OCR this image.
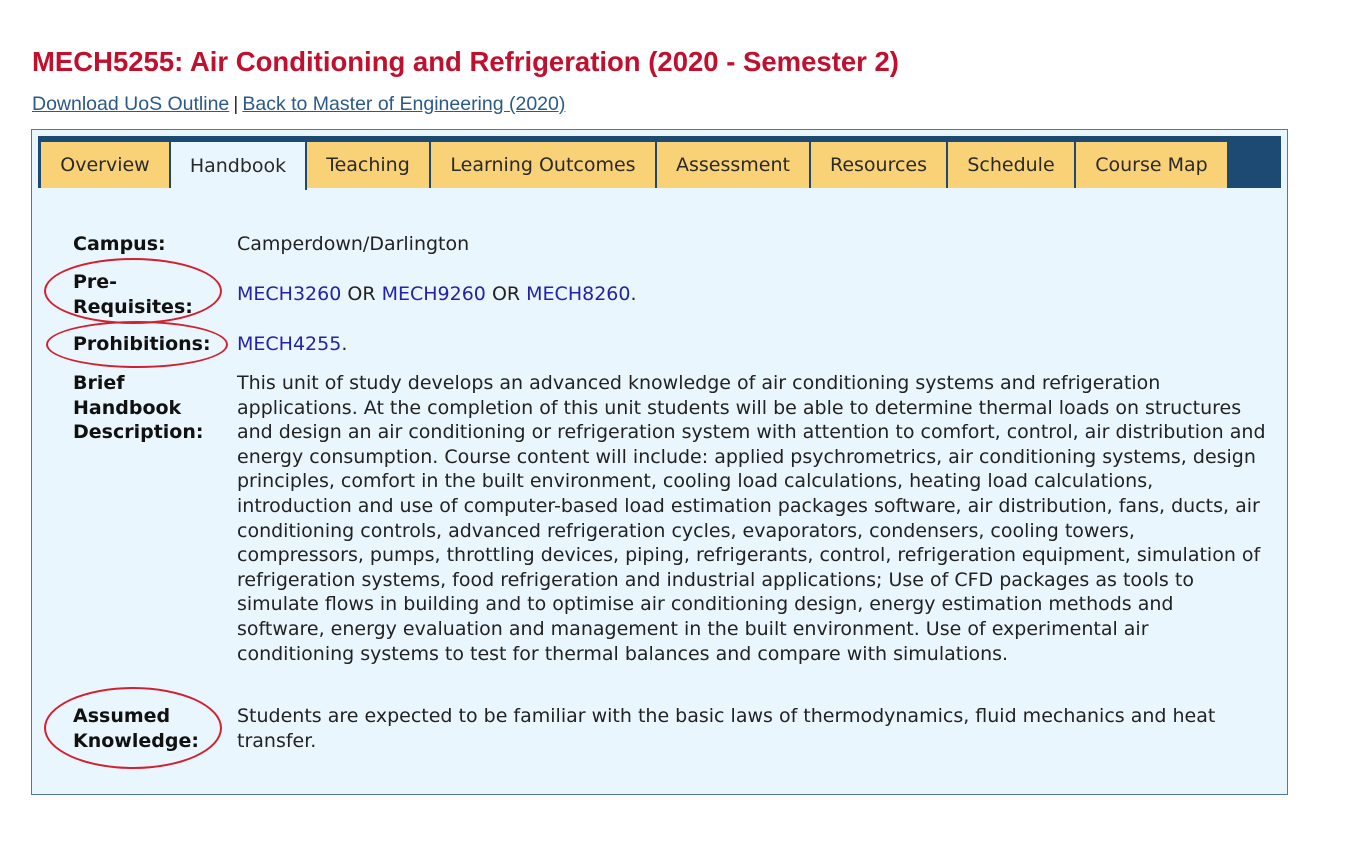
MECH5255: Air Conditioning and Refrigeration (2020 - Semester 2)
Download UoS Outline | Back to Master of Engineering (2020)
Overview	Handbook	Teaching	Learning Outcomes	Assessment	Resources	Schedule	Course Map
Campus:	Camperdown/Darlington
Pre-Requisites:
MECH3260 OR MECH9260 OR MECH8260.
Prohibitions:	MECH4255.
Brief Handbook Description:
This unit of study develops an advanced knowledge of air conditioning systems and refrigeration applications. At the completion of this unit students will be able to determine thermal loads on structures and design an air conditioning or refrigeration system with attention to comfort, control, air distribution and energy consumption. Course content will include: applied psychrometrics, air conditioning systems, design principles, comfort in the built environment, cooling load calculations, heating load calculations, introduction and use of computer-based load estimation packages software, air distribution, fans, ducts, air conditioning controls, advanced refrigeration cycles, evaporators, condensers, cooling towers, compressors, pumps, throttling devices, piping, refrigerants, control, refrigeration equipment, simulation of refrigeration systems, food refrigeration and industrial applications; Use of CFD packages as tools to simulate flows in building and to optimise air conditioning design, energy estimation methods and software, energy evaluation and management in the built environment. Use of experimental air conditioning systems to test for thermal balances and compare with simulations.
Assumed Knowledge:
Students are expected to be familiar with the basic laws of thermodynamics, fluid mechanics and heat transfer.
